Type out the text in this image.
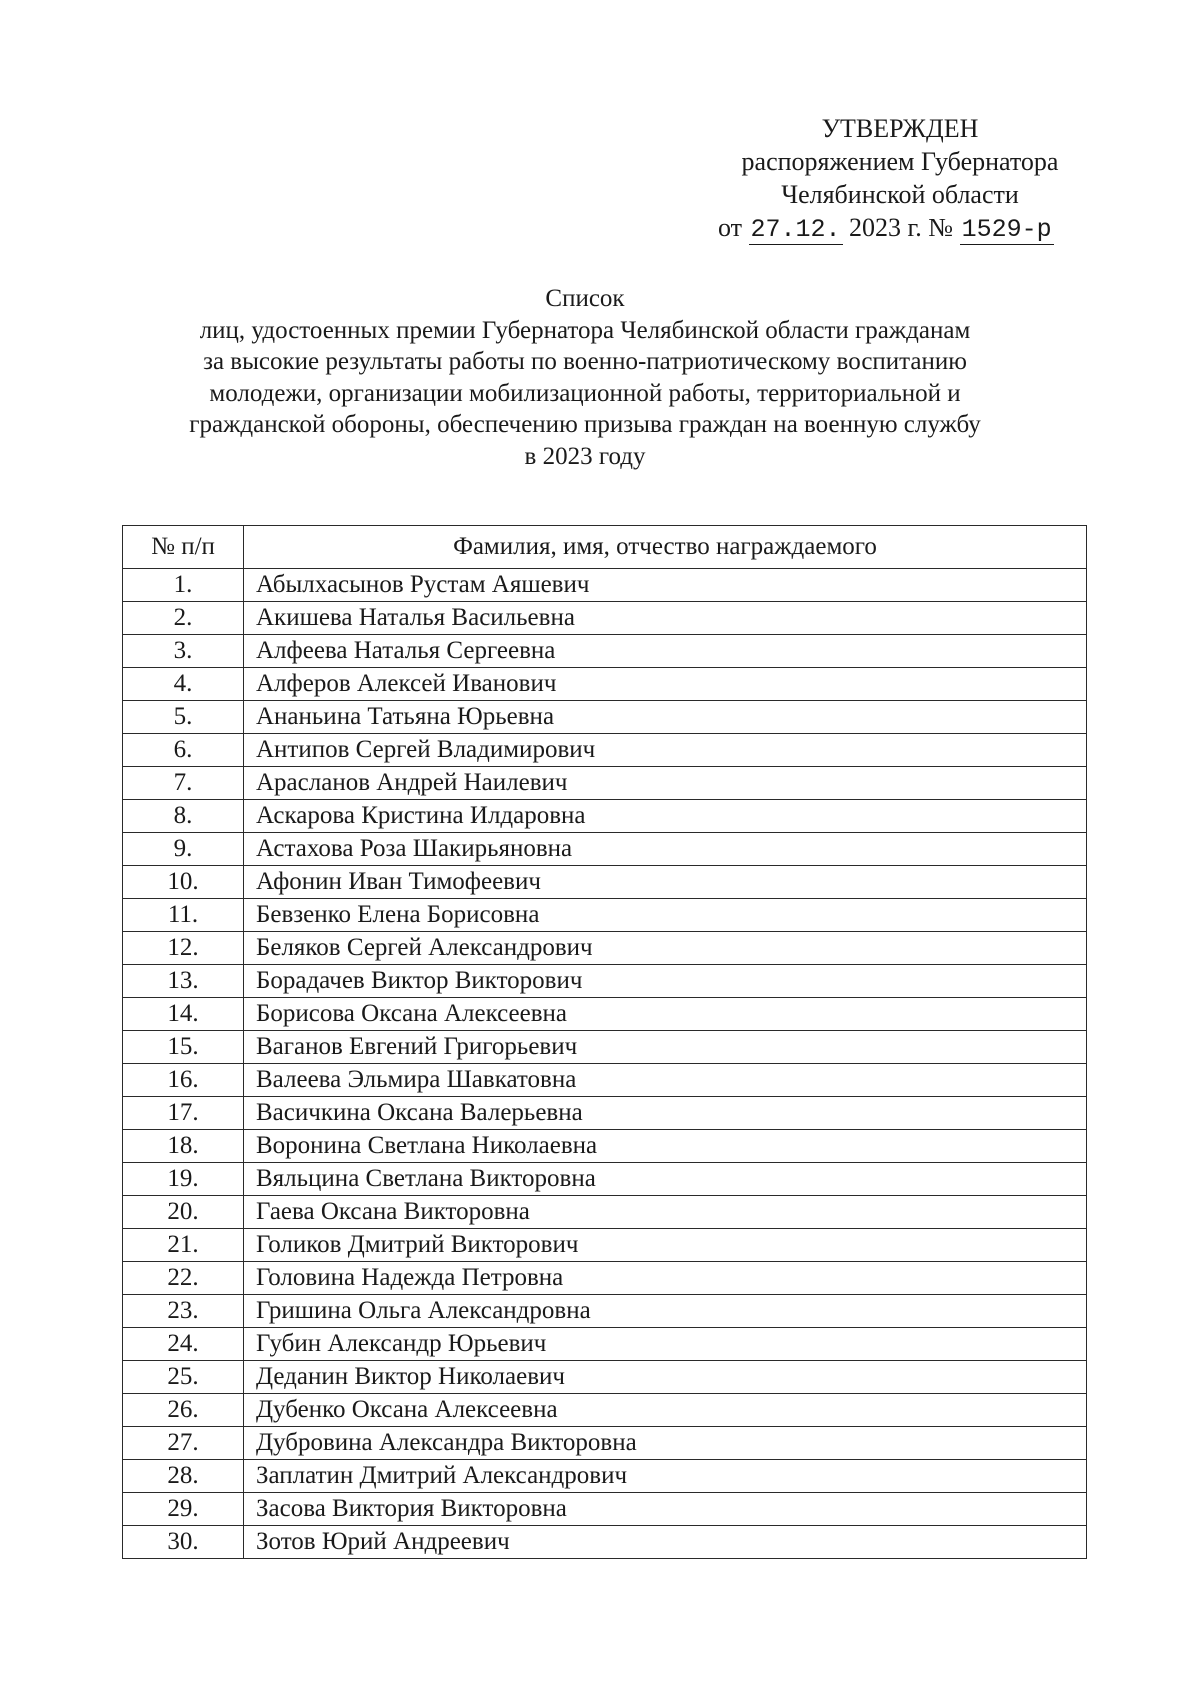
УТВЕРЖДЕН
распоряжением Губернатора
Челябинской области
от 27.12. 2023 г. № 1529-р
Список
лиц, удостоенных премии Губернатора Челябинской области гражданам
за высокие результаты работы по военно-патриотическому воспитанию
молодежи, организации мобилизационной работы, территориальной и
гражданской обороны, обеспечению призыва граждан на военную службу
в 2023 году
№ п/п	Фамилия, имя, отчество награждаемого
1.	Абылхасынов Рустам Аяшевич
2.	Акишева Наталья Васильевна
3.	Алфеева Наталья Сергеевна
4.	Алферов Алексей Иванович
5.	Ананьина Татьяна Юрьевна
6.	Антипов Сергей Владимирович
7.	Арасланов Андрей Наилевич
8.	Аскарова Кристина Илдаровна
9.	Астахова Роза Шакирьяновна
10.	Афонин Иван Тимофеевич
11.	Бевзенко Елена Борисовна
12.	Беляков Сергей Александрович
13.	Борадачев Виктор Викторович
14.	Борисова Оксана Алексеевна
15.	Ваганов Евгений Григорьевич
16.	Валеева Эльмира Шавкатовна
17.	Васичкина Оксана Валерьевна
18.	Воронина Светлана Николаевна
19.	Вяльцина Светлана Викторовна
20.	Гаева Оксана Викторовна
21.	Голиков Дмитрий Викторович
22.	Головина Надежда Петровна
23.	Гришина Ольга Александровна
24.	Губин Александр Юрьевич
25.	Деданин Виктор Николаевич
26.	Дубенко Оксана Алексеевна
27.	Дубровина Александра Викторовна
28.	Заплатин Дмитрий Александрович
29.	Засова Виктория Викторовна
30.	Зотов Юрий Андреевич
